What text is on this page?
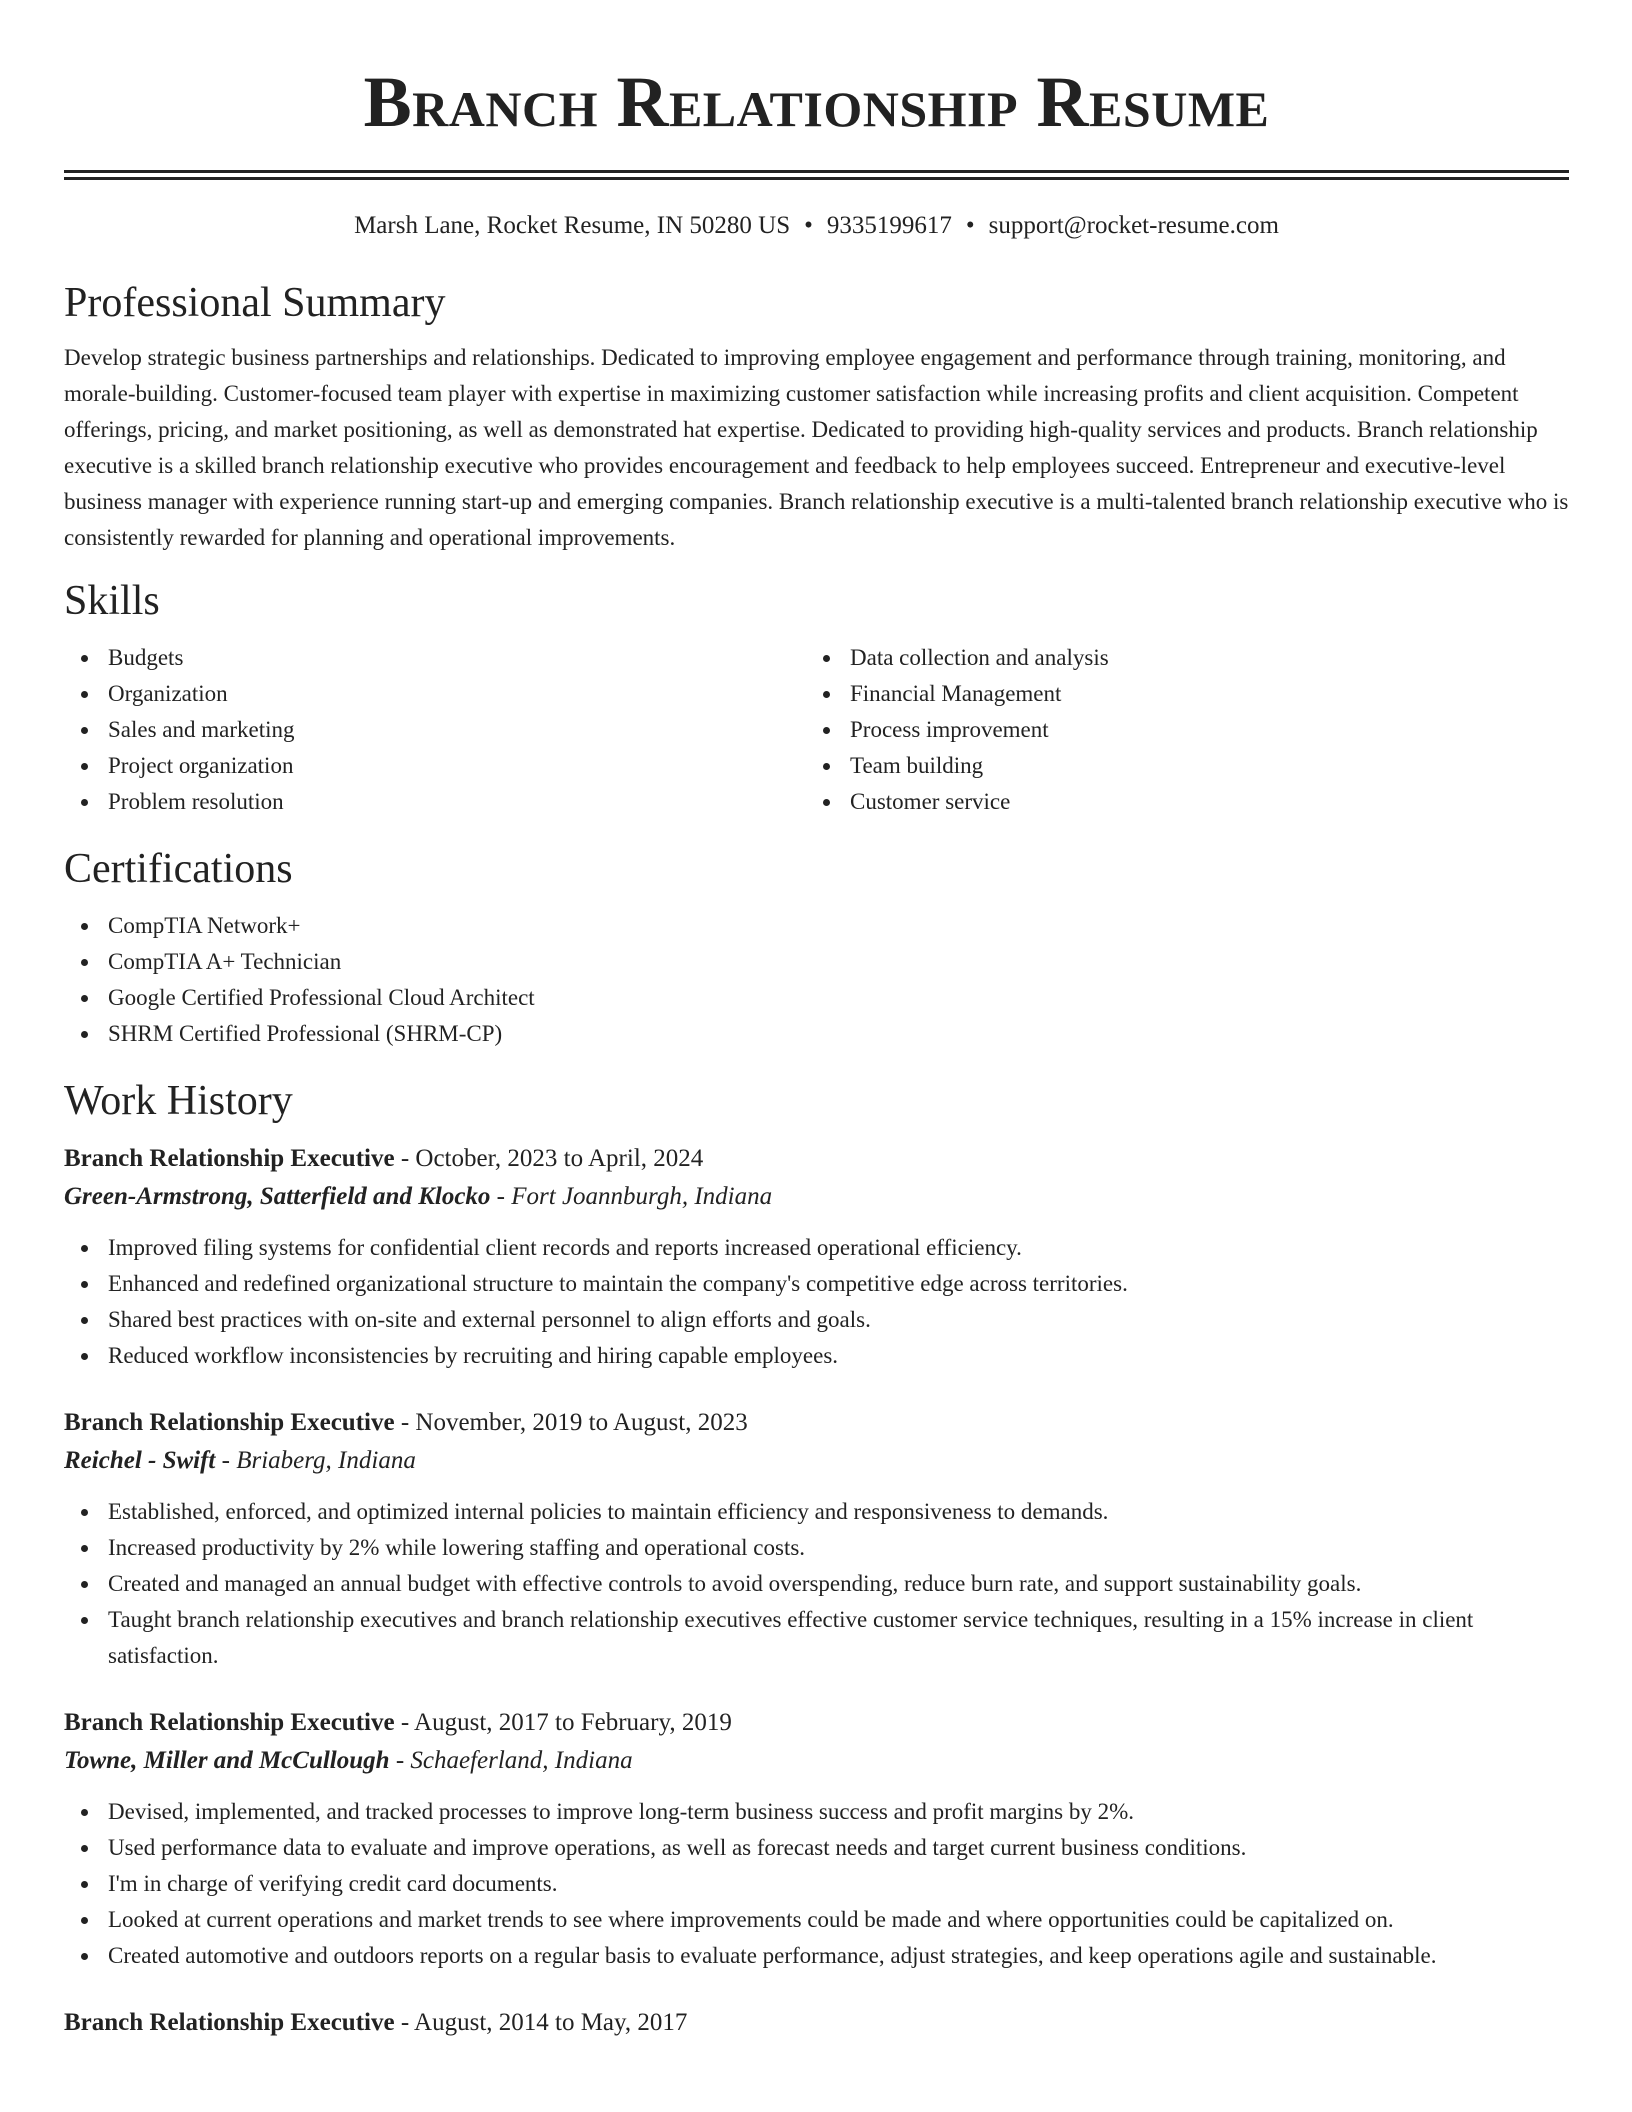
Branch Relationship Resume
Marsh Lane, Rocket Resume, IN 50280 US • 9335199617 • support@rocket-resume.com
Professional Summary

Develop strategic business partnerships and relationships. Dedicated to improving employee engagement and performance through training, monitoring, and morale-building. Customer-focused team player with expertise in maximizing customer satisfaction while increasing profits and client acquisition. Competent offerings, pricing, and market positioning, as well as demonstrated hat expertise. Dedicated to providing high-quality services and products. Branch relationship executive is a skilled branch relationship executive who provides encouragement and feedback to help employees succeed. Entrepreneur and executive-level business manager with experience running start-up and emerging companies. Branch relationship executive is a multi-talented branch relationship executive who is consistently rewarded for planning and operational improvements.

Skills
Budgets
Organization
Sales and marketing
Project organization
Problem resolution
Data collection and analysis
Financial Management
Process improvement
Team building
Customer service
Certifications
CompTIA Network+
CompTIA A+ Technician
Google Certified Professional Cloud Architect
SHRM Certified Professional (SHRM-CP)
Work History
Branch Relationship Executive - October, 2023 to April, 2024
Green-Armstrong, Satterfield and Klocko - Fort Joannburgh, Indiana
Improved filing systems for confidential client records and reports increased operational efficiency.
Enhanced and redefined organizational structure to maintain the company's competitive edge across territories.
Shared best practices with on-site and external personnel to align efforts and goals.
Reduced workflow inconsistencies by recruiting and hiring capable employees.
Branch Relationship Executive - November, 2019 to August, 2023
Reichel - Swift - Briaberg, Indiana
Established, enforced, and optimized internal policies to maintain efficiency and responsiveness to demands.
Increased productivity by 2% while lowering staffing and operational costs.
Created and managed an annual budget with effective controls to avoid overspending, reduce burn rate, and support sustainability goals.
Taught branch relationship executives and branch relationship executives effective customer service techniques, resulting in a 15% increase in client satisfaction.
Branch Relationship Executive - August, 2017 to February, 2019
Towne, Miller and McCullough - Schaeferland, Indiana
Devised, implemented, and tracked processes to improve long-term business success and profit margins by 2%.
Used performance data to evaluate and improve operations, as well as forecast needs and target current business conditions.
I'm in charge of verifying credit card documents.
Looked at current operations and market trends to see where improvements could be made and where opportunities could be capitalized on.
Created automotive and outdoors reports on a regular basis to evaluate performance, adjust strategies, and keep operations agile and sustainable.
Branch Relationship Executive - August, 2014 to May, 2017
